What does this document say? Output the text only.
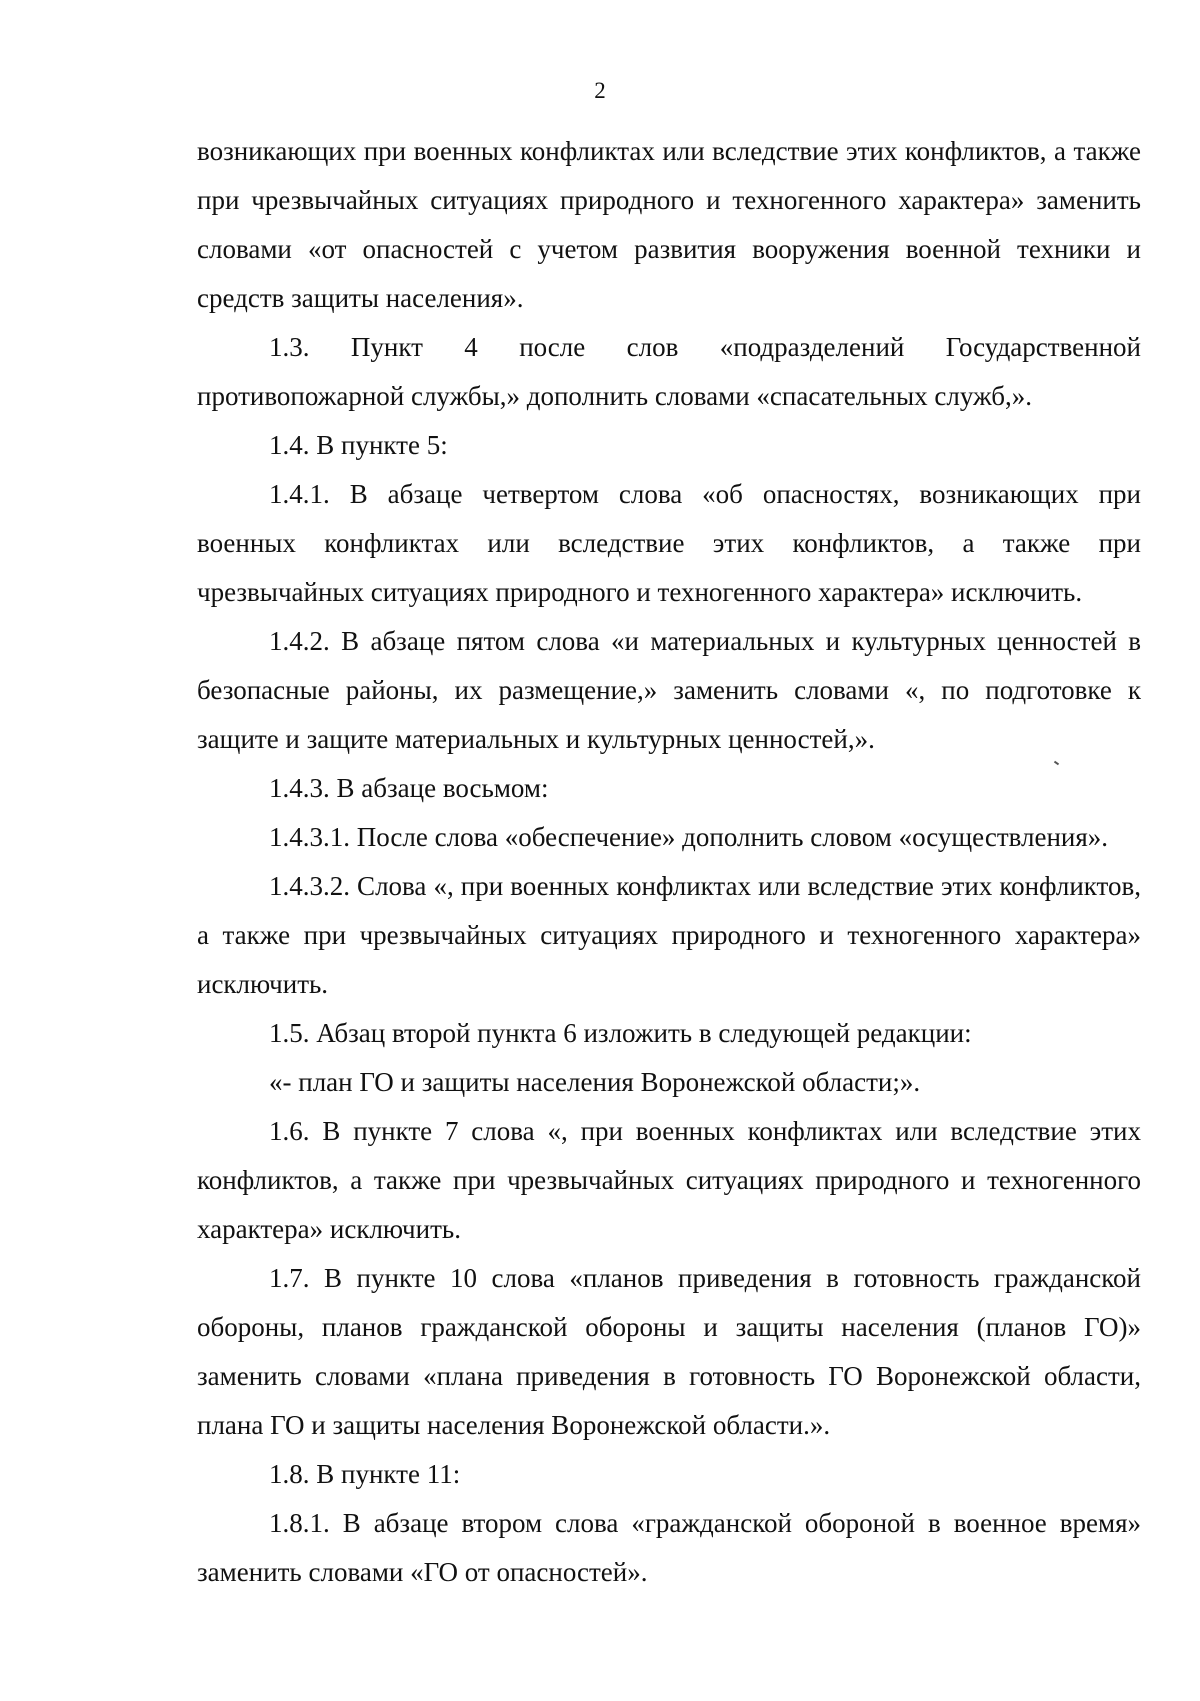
2

возникающих при военных конфликтах или вследствие этих конфликтов, а также при чрезвычайных ситуациях природного и техногенного характера» заменить словами «от опасностей с учетом развития вооружения военной техники и средств защиты населения».

1.3. Пункт 4 после слов «подразделений Государственной противопожарной службы,» дополнить словами «спасательных служб,».

1.4. В пункте 5:

1.4.1. В абзаце четвертом слова «об опасностях, возникающих при военных конфликтах или вследствие этих конфликтов, а также при чрезвычайных ситуациях природного и техногенного характера» исключить.

1.4.2. В абзаце пятом слова «и материальных и культурных ценностей в безопасные районы, их размещение,» заменить словами «, по подготовке к защите и защите материальных и культурных ценностей,».

1.4.3. В абзаце восьмом:

1.4.3.1. После слова «обеспечение» дополнить словом «осуществления».

1.4.3.2. Слова «, при военных конфликтах или вследствие этих конфликтов, а также при чрезвычайных ситуациях природного и техногенного характера» исключить.

1.5. Абзац второй пункта 6 изложить в следующей редакции:

«- план ГО и защиты населения Воронежской области;».

1.6. В пункте 7 слова «, при военных конфликтах или вследствие этих конфликтов, а также при чрезвычайных ситуациях природного и техногенного характера» исключить.

1.7. В пункте 10 слова «планов приведения в готовность гражданской обороны, планов гражданской обороны и защиты населения (планов ГО)» заменить словами «плана приведения в готовность ГО Воронежской области, плана ГО и защиты населения Воронежской области.».

1.8. В пункте 11:

1.8.1. В абзаце втором слова «гражданской обороной в военное время» заменить словами «ГО от опасностей».
